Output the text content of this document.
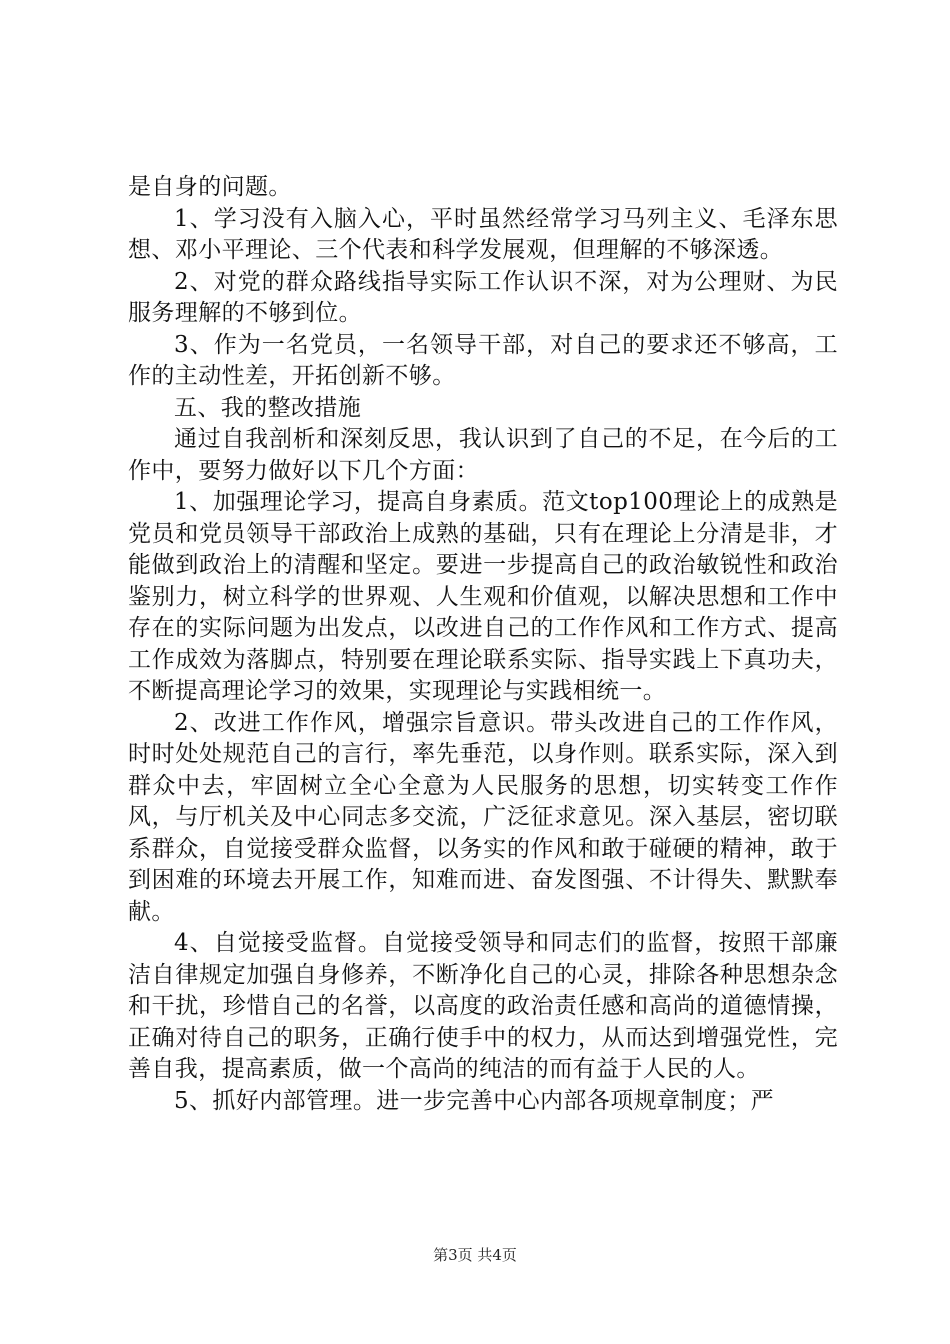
是自身的问题。

1、学习没有入脑入心，平时虽然经常学习马列主义、毛泽东思想、邓小平理论、三个代表和科学发展观，但理解的不够深透。

2、对党的群众路线指导实际工作认识不深，对为公理财、为民服务理解的不够到位。

3、作为一名党员，一名领导干部，对自己的要求还不够高，工作的主动性差，开拓创新不够。

五、我的整改措施

通过自我剖析和深刻反思，我认识到了自己的不足，在今后的工作中，要努力做好以下几个方面：

1、加强理论学习，提高自身素质。范文top100理论上的成熟是党员和党员领导干部政治上成熟的基础，只有在理论上分清是非，才能做到政治上的清醒和坚定。要进一步提高自己的政治敏锐性和政治鉴别力，树立科学的世界观、人生观和价值观，以解决思想和工作中存在的实际问题为出发点，以改进自己的工作作风和工作方式、提高工作成效为落脚点，特别要在理论联系实际、指导实践上下真功夫，不断提高理论学习的效果，实现理论与实践相统一。

2、改进工作作风，增强宗旨意识。带头改进自己的工作作风，时时处处规范自己的言行，率先垂范，以身作则。联系实际，深入到群众中去，牢固树立全心全意为人民服务的思想，切实转变工作作风，与厅机关及中心同志多交流，广泛征求意见。深入基层，密切联系群众，自觉接受群众监督，以务实的作风和敢于碰硬的精神，敢于到困难的环境去开展工作，知难而进、奋发图强、不计得失、默默奉献。

4、自觉接受监督。自觉接受领导和同志们的监督，按照干部廉洁自律规定加强自身修养，不断净化自己的心灵，排除各种思想杂念和干扰，珍惜自己的名誉，以高度的政治责任感和高尚的道德情操，正确对待自己的职务，正确行使手中的权力，从而达到增强党性，完善自我，提高素质，做一个高尚的纯洁的而有益于人民的人。

5、抓好内部管理。进一步完善中心内部各项规章制度；严

第3页 共4页
